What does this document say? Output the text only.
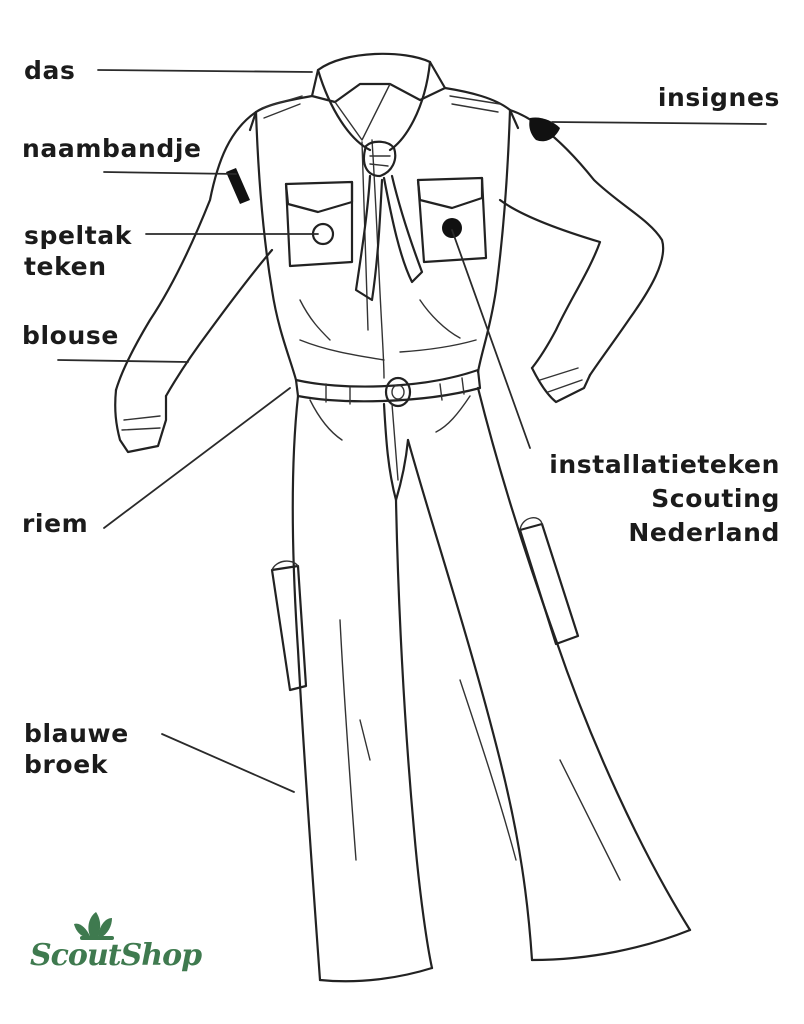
das
naambandje
speltak
teken
blouse
riem
blauwe
broek
insignes
installatieteken
Scouting
Nederland
ScoutShop
